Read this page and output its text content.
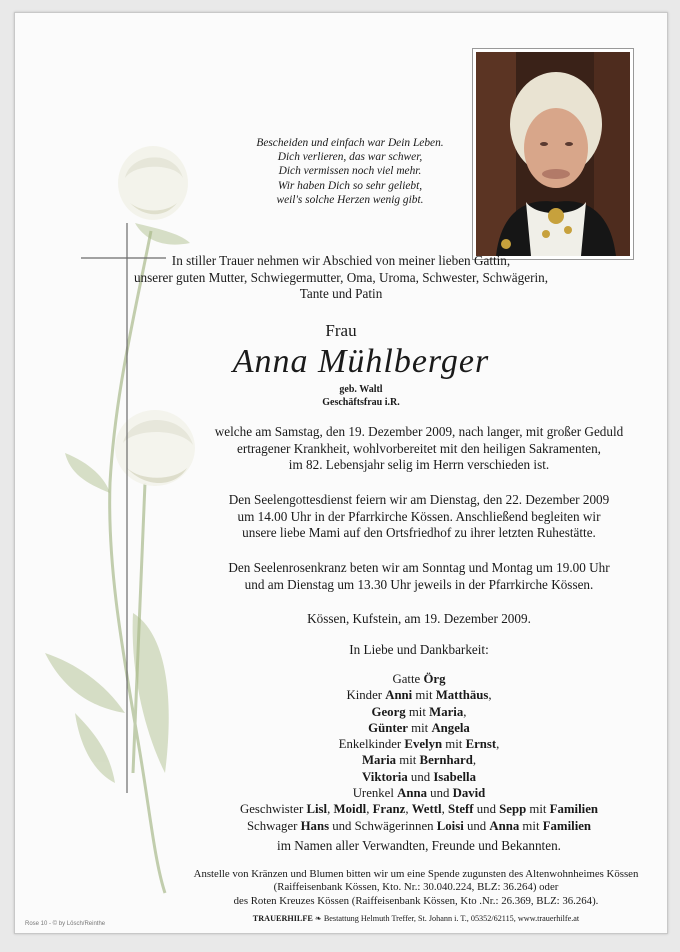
Bescheiden und einfach war Dein Leben.
Dich verlieren, das war schwer,
Dich vermissen noch viel mehr.
Wir haben Dich so sehr geliebt,
weil's solche Herzen wenig gibt.
In stiller Trauer nehmen wir Abschied von meiner lieben Gattin,
unserer guten Mutter, Schwiegermutter, Oma, Uroma, Schwester, Schwägerin,
Tante und Patin
Frau
Anna Mühlberger
geb. Waltl
Geschäftsfrau i.R.
welche am Samstag, den 19. Dezember 2009, nach langer, mit großer Geduld
ertragener Krankheit, wohlvorbereitet mit den heiligen Sakramenten,
im 82. Lebensjahr selig im Herrn verschieden ist.
Den Seelengottesdienst feiern wir am Dienstag, den 22. Dezember 2009
um 14.00 Uhr in der Pfarrkirche Kössen. Anschließend begleiten wir
unsere liebe Mami auf den Ortsfriedhof zu ihrer letzten Ruhestätte.
Den Seelenrosenkranz beten wir am Sonntag und Montag um 19.00 Uhr
und am Dienstag um 13.30 Uhr jeweils in der Pfarrkirche Kössen.
Kössen, Kufstein, am 19. Dezember 2009.
In Liebe und Dankbarkeit:
Gatte Örg
Kinder Anni mit Matthäus,
Georg mit Maria,
Günter mit Angela
Enkelkinder Evelyn mit Ernst,
Maria mit Bernhard,
Viktoria und Isabella
Urenkel Anna und David
Geschwister Lisl, Moidl, Franz, Wettl, Steff und Sepp mit Familien
Schwager Hans und Schwägerinnen Loisi und Anna mit Familien
im Namen aller Verwandten, Freunde und Bekannten.
Anstelle von Kränzen und Blumen bitten wir um eine Spende zugunsten des Altenwohnheimes Kössen
(Raiffeisenbank Kössen, Kto. Nr.: 30.040.224, BLZ: 36.264) oder
des Roten Kreuzes Kössen (Raiffeisenbank Kössen, Kto .Nr.: 26.369, BLZ: 36.264).
TRAUERHILFE ❧ Bestattung Helmuth Treffer, St. Johann i. T., 05352/62115, www.trauerhilfe.at
Rose 10 - © by Lösch/Reinthe
